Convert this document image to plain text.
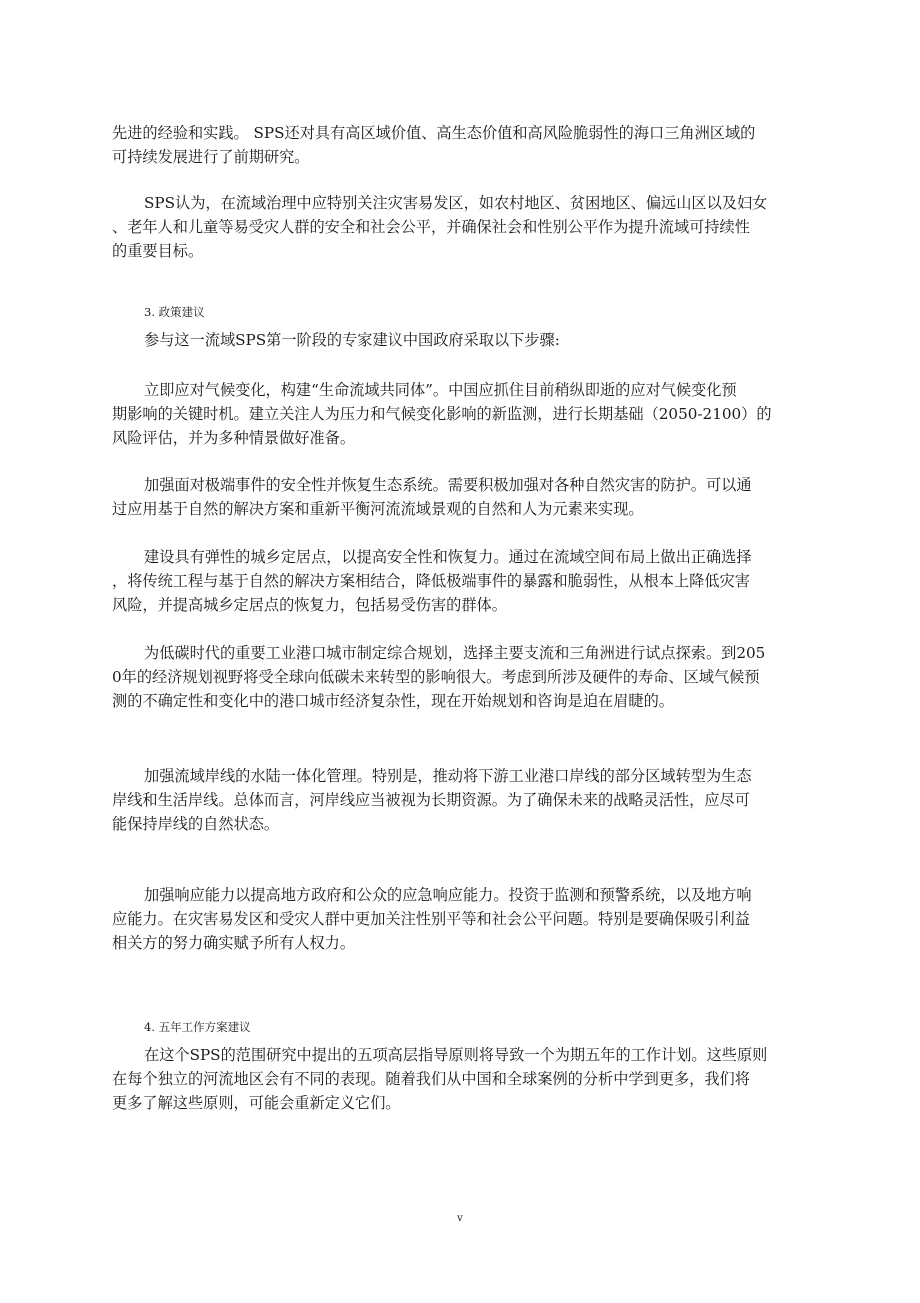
先进的经验和实践。 SPS还对具有高区域价值、高生态价值和高风险脆弱性的海口三角洲区域的
可持续发展进行了前期研究。

SPS认为，在流域治理中应特别关注灾害易发区，如农村地区、贫困地区、偏远山区以及妇女
、老年人和儿童等易受灾人群的安全和社会公平，并确保社会和性别公平作为提升流域可持续性
的重要目标。

3. 政策建议

参与这一流域SPS第一阶段的专家建议中国政府采取以下步骤:

立即应对气候变化，构建“生命流域共同体”。中国应抓住目前稍纵即逝的应对气候变化预
期影响的关键时机。建立关注人为压力和气候变化影响的新监测，进行长期基础（2050-2100）的
风险评估，并为多种情景做好准备。

加强面对极端事件的安全性并恢复生态系统。需要积极加强对各种自然灾害的防护。可以通
过应用基于自然的解决方案和重新平衡河流流域景观的自然和人为元素来实现。

建设具有弹性的城乡定居点，以提高安全性和恢复力。通过在流域空间布局上做出正确选择
，将传统工程与基于自然的解决方案相结合，降低极端事件的暴露和脆弱性，从根本上降低灾害
风险，并提高城乡定居点的恢复力，包括易受伤害的群体。

为低碳时代的重要工业港口城市制定综合规划，选择主要支流和三角洲进行试点探索。到205
0年的经济规划视野将受全球向低碳未来转型的影响很大。考虑到所涉及硬件的寿命、区域气候预
测的不确定性和变化中的港口城市经济复杂性，现在开始规划和咨询是迫在眉睫的。

加强流域岸线的水陆一体化管理。特别是，推动将下游工业港口岸线的部分区域转型为生态
岸线和生活岸线。总体而言，河岸线应当被视为长期资源。为了确保未来的战略灵活性，应尽可
能保持岸线的自然状态。

加强响应能力以提高地方政府和公众的应急响应能力。投资于监测和预警系统，以及地方响
应能力。在灾害易发区和受灾人群中更加关注性别平等和社会公平问题。特别是要确保吸引利益
相关方的努力确实赋予所有人权力。

4. 五年工作方案建议

在这个SPS的范围研究中提出的五项高层指导原则将导致一个为期五年的工作计划。这些原则
在每个独立的河流地区会有不同的表现。随着我们从中国和全球案例的分析中学到更多，我们将
更多了解这些原则，可能会重新定义它们。

v
